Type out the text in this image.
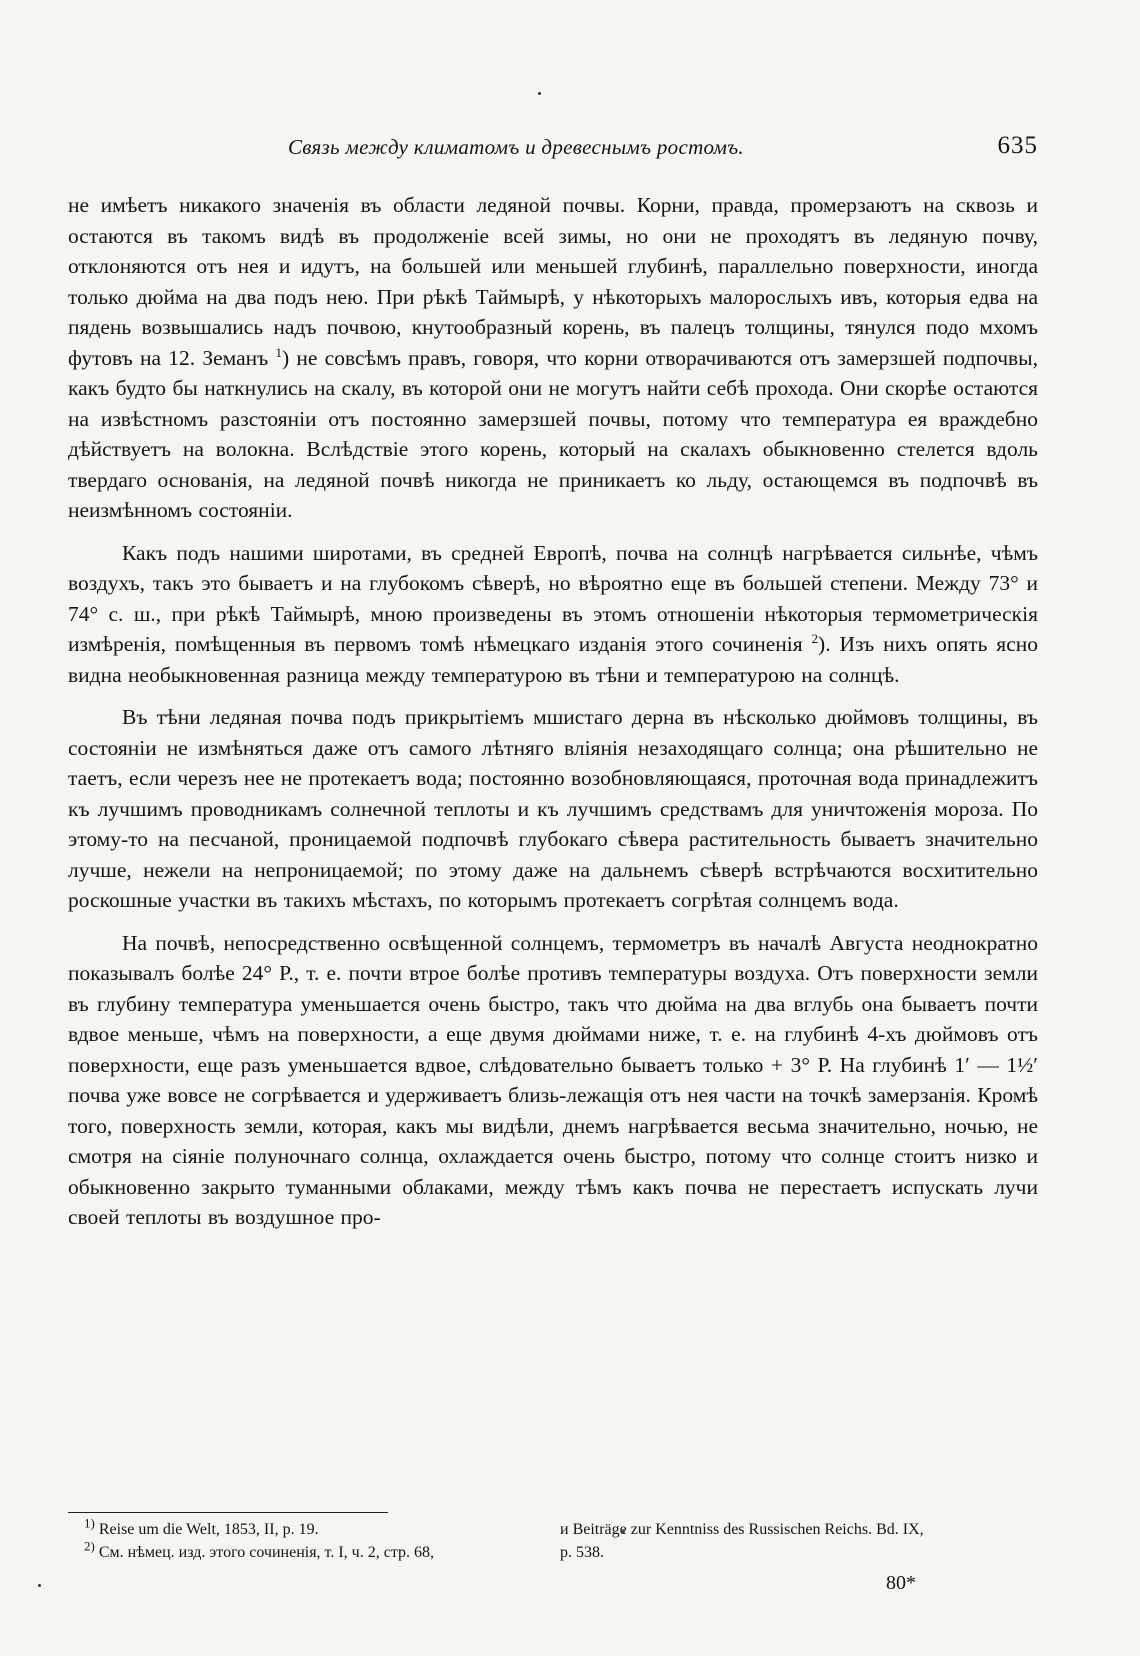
Связь между климатомъ и древеснымъ ростомъ.	635

не имѣетъ никакого значенія въ области ледяной почвы. Корни, правда, промерзаютъ на сквозь и остаются въ такомъ видѣ въ продолженіе всей зимы, но они не проходятъ въ ледяную почву, отклоняются отъ нея и идутъ, на большей или меньшей глубинѣ, параллельно поверхности, иногда только дюйма на два подъ нею. При рѣкѣ Таймырѣ, у нѣкоторыхъ малорослыхъ ивъ, которыя едва на пядень возвышались надъ почвою, кнутообразный корень, въ палецъ толщины, тянулся подо мхомъ футовъ на 12. Земанъ $^1$) не совсѣмъ правъ, говоря, что корни отворачиваются отъ замерзшей подпочвы, какъ будто бы наткнулись на скалу, въ которой они не могутъ найти себѣ прохода. Они скорѣе остаются на извѣстномъ разстояніи отъ постоянно замерзшей почвы, потому что температура ея враждебно дѣйствуетъ на волокна. Вслѣдствіе этого корень, который на скалахъ обыкновенно стелется вдоль твердаго основанія, на ледяной почвѣ никогда не приникаетъ ко льду, остающемся въ подпочвѣ въ неизмѣнномъ состояніи.

Какъ подъ нашими широтами, въ средней Европѣ, почва на солнцѣ нагрѣвается сильнѣе, чѣмъ воздухъ, такъ это бываетъ и на глубокомъ сѣверѣ, но вѣроятно еще въ большей степени. Между 73° и 74° с. ш., при рѣкѣ Таймырѣ, мною произведены въ этомъ отношеніи нѣкоторыя термометрическія измѣренія, помѣщенныя въ первомъ томѣ нѣмецкаго изданія этого сочиненія $^2$). Изъ нихъ опять ясно видна необыкновенная разница между температурою въ тѣни и температурою на солнцѣ.

Въ тѣни ледяная почва подъ прикрытіемъ мшистаго дерна въ нѣсколько дюймовъ толщины, въ состояніи не измѣняться даже отъ самого лѣтняго вліянія незаходящаго солнца; она рѣшительно не таетъ, если черезъ нее не протекаетъ вода; постоянно возобновляющаяся, проточная вода принадлежитъ къ лучшимъ проводникамъ солнечной теплоты и къ лучшимъ средствамъ для уничтоженія мороза. По этому-то на песчаной, проницаемой подпочвѣ глубокаго сѣвера растительность бываетъ значительно лучше, нежели на непроницаемой; по этому даже на дальнемъ сѣверѣ встрѣчаются восхитительно роскошные участки въ такихъ мѣстахъ, по которымъ протекаетъ согрѣтая солнцемъ вода.

На почвѣ, непосредственно освѣщенной солнцемъ, термометръ въ началѣ Августа неоднократно показывалъ болѣе 24° Р., т. е. почти втрое болѣе противъ температуры воздуха. Отъ поверхности земли въ глубину температура уменьшается очень быстро, такъ что дюйма на два вглубь она бываетъ почти вдвое меньше, чѣмъ на поверхности, а еще двумя дюймами ниже, т. е. на глубинѣ 4-хъ дюймовъ отъ поверхности, еще разъ уменьшается вдвое, слѣдовательно бываетъ только + 3° Р. На глубинѣ 1′ — 1½′ почва уже вовсе не согрѣвается и удерживаетъ близь-лежащія отъ нея части на точкѣ замерзанія. Кромѣ того, поверхность земли, которая, какъ мы видѣли, днемъ нагрѣвается весьма значительно, ночью, не смотря на сіяніе полуночнаго солнца, охлаждается очень быстро, потому что солнце стоитъ низко и обыкновенно закрыто туманными облаками, между тѣмъ какъ почва не перестаетъ испускать лучи своей теплоты въ воздушное про-

$^{1)}$ Reise um die Welt, 1853, II, p. 19.

$^{2)}$ См. нѣмец. изд. этого сочиненія, т. I, ч. 2, стр. 68,

и Beiträge zur Kenntniss des Russischen Reichs. Bd. IX,

p. 538.

80*
